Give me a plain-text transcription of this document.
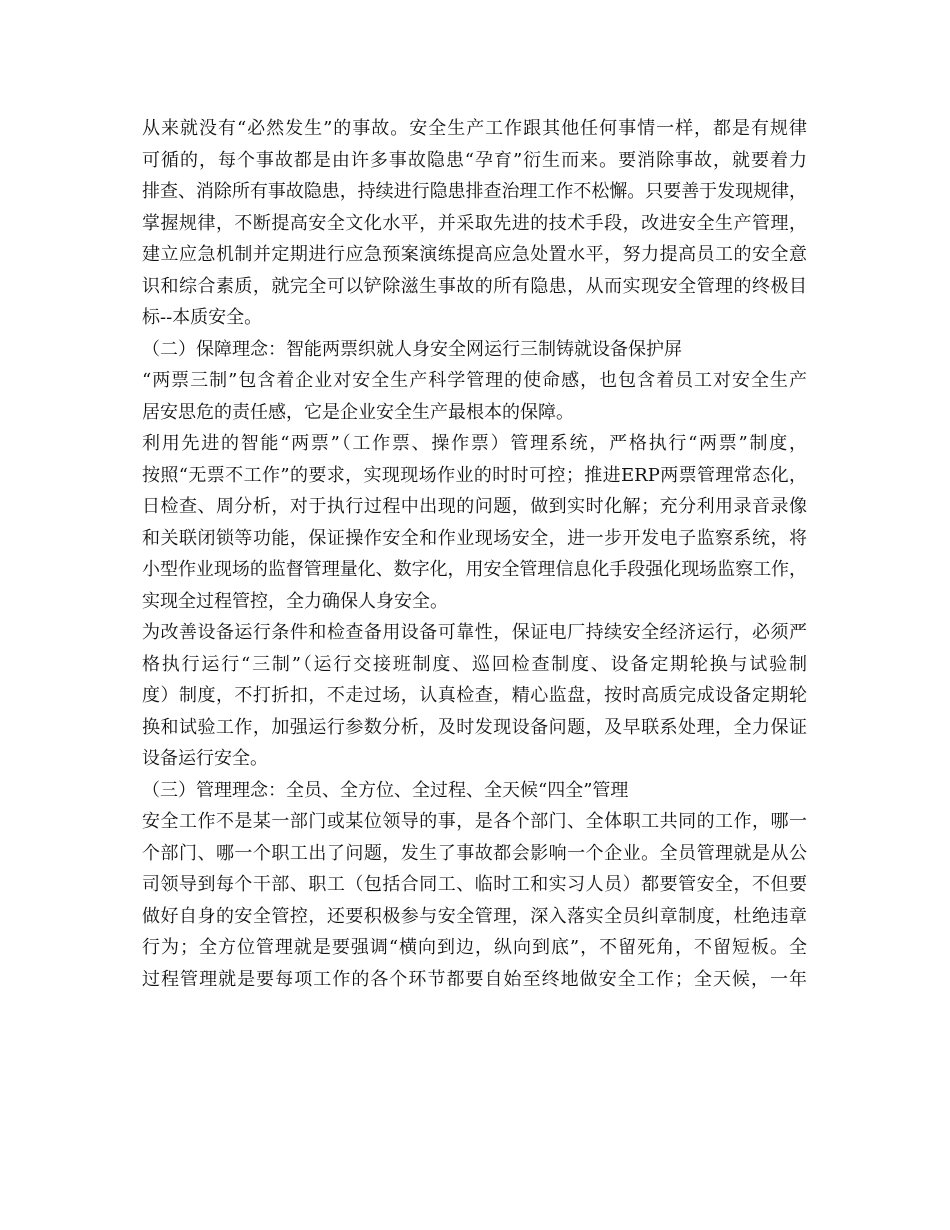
从来就没有“必然发生”的事故。安全生产工作跟其他任何事情一样，都是有规律
可循的，每个事故都是由许多事故隐患“孕育”衍生而来。要消除事故，就要着力
排查、消除所有事故隐患，持续进行隐患排查治理工作不松懈。只要善于发现规律，
掌握规律，不断提高安全文化水平，并采取先进的技术手段，改进安全生产管理，
建立应急机制并定期进行应急预案演练提高应急处置水平，努力提高员工的安全意
识和综合素质，就完全可以铲除滋生事故的所有隐患，从而实现安全管理的终极目
标--本质安全。
（二）保障理念：智能两票织就人身安全网运行三制铸就设备保护屏
“两票三制”包含着企业对安全生产科学管理的使命感，也包含着员工对安全生产
居安思危的责任感，它是企业安全生产最根本的保障。
利用先进的智能“两票”（工作票、操作票）管理系统，严格执行“两票”制度，
按照“无票不工作”的要求，实现现场作业的时时可控；推进ERP两票管理常态化，
日检查、周分析，对于执行过程中出现的问题，做到实时化解；充分利用录音录像
和关联闭锁等功能，保证操作安全和作业现场安全，进一步开发电子监察系统，将
小型作业现场的监督管理量化、数字化，用安全管理信息化手段强化现场监察工作，
实现全过程管控，全力确保人身安全。
为改善设备运行条件和检查备用设备可靠性，保证电厂持续安全经济运行，必须严
格执行运行“三制”（运行交接班制度、巡回检查制度、设备定期轮换与试验制
度）制度，不打折扣，不走过场，认真检查，精心监盘，按时高质完成设备定期轮
换和试验工作，加强运行参数分析，及时发现设备问题，及早联系处理，全力保证
设备运行安全。
（三）管理理念：全员、全方位、全过程、全天候“四全”管理
安全工作不是某一部门或某位领导的事，是各个部门、全体职工共同的工作，哪一
个部门、哪一个职工出了问题，发生了事故都会影响一个企业。全员管理就是从公
司领导到每个干部、职工（包括合同工、临时工和实习人员）都要管安全，不但要
做好自身的安全管控，还要积极参与安全管理，深入落实全员纠章制度，杜绝违章
行为；全方位管理就是要强调“横向到边，纵向到底”，不留死角，不留短板。全
过程管理就是要每项工作的各个环节都要自始至终地做安全工作；全天候，一年
